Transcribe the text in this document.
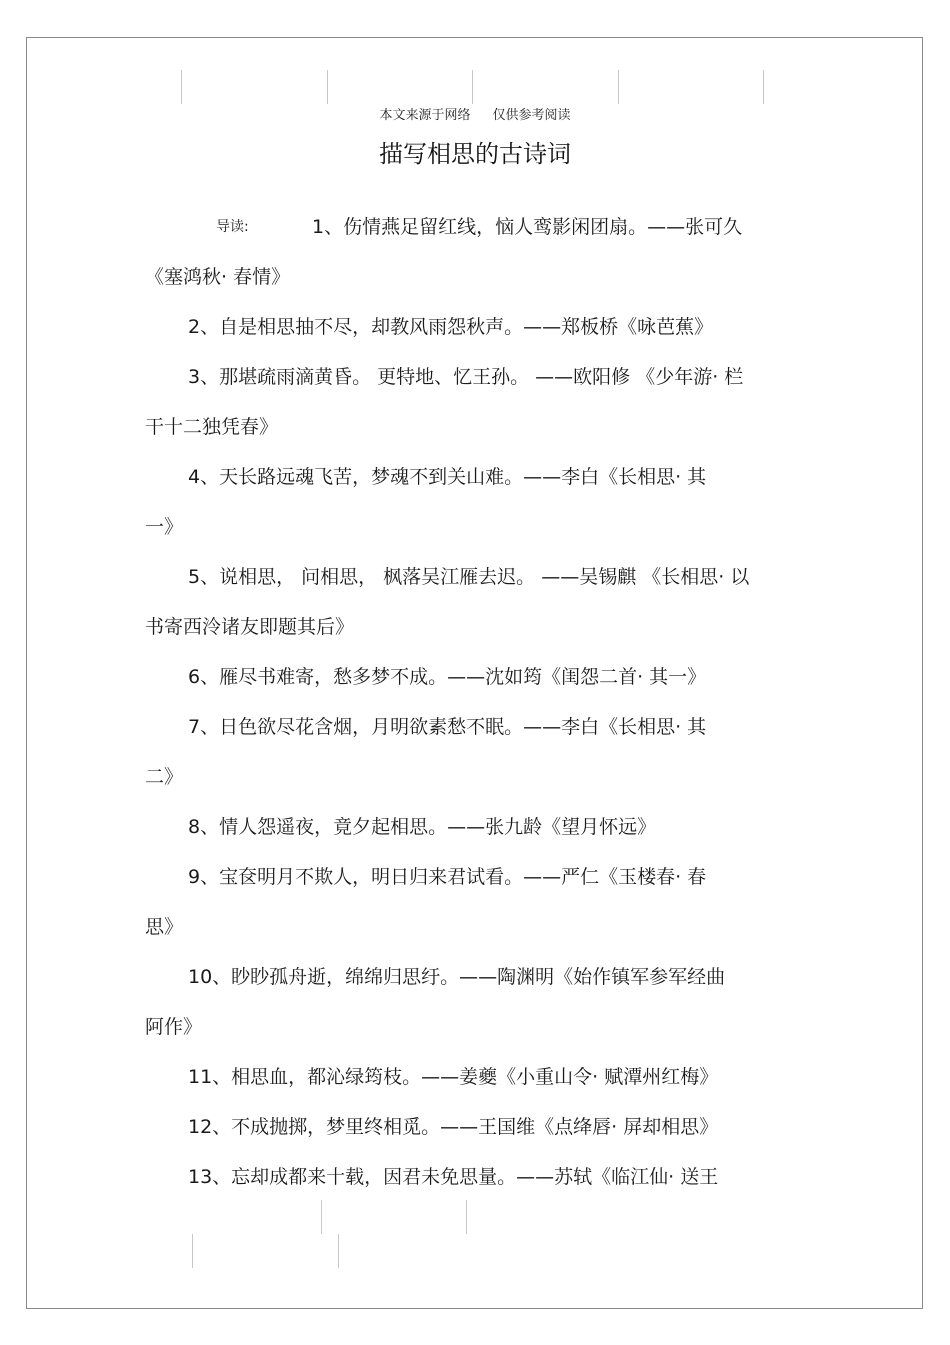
本文来源于网络 仅供参考阅读
描写相思的古诗词
导读:	1、伤情燕足留红线，恼人鸾影闲团扇。——张可久
《塞鸿秋· 春情》
2、自是相思抽不尽，却教风雨怨秋声。——郑板桥《咏芭蕉》
3、那堪疏雨滴黄昏。 更特地、忆王孙。 ——欧阳修 《少年游· 栏
干十二独凭春》
4、天长路远魂飞苦，梦魂不到关山难。——李白《长相思· 其
一》
5、说相思， 问相思， 枫落吴江雁去迟。 ——吴锡麒 《长相思· 以
书寄西泠诸友即题其后》
6、雁尽书难寄，愁多梦不成。——沈如筠《闺怨二首· 其一》
7、日色欲尽花含烟，月明欲素愁不眠。——李白《长相思· 其
二》
8、情人怨遥夜，竟夕起相思。——张九龄《望月怀远》
9、宝奁明月不欺人，明日归来君试看。——严仁《玉楼春· 春
思》
10、眇眇孤舟逝，绵绵归思纡。——陶渊明《始作镇军参军经曲
阿作》
11、相思血，都沁绿筠枝。——姜夔《小重山令· 赋潭州红梅》
12、不成抛掷，梦里终相觅。——王国维《点绛唇· 屏却相思》
13、忘却成都来十载，因君未免思量。——苏轼《临江仙· 送王
